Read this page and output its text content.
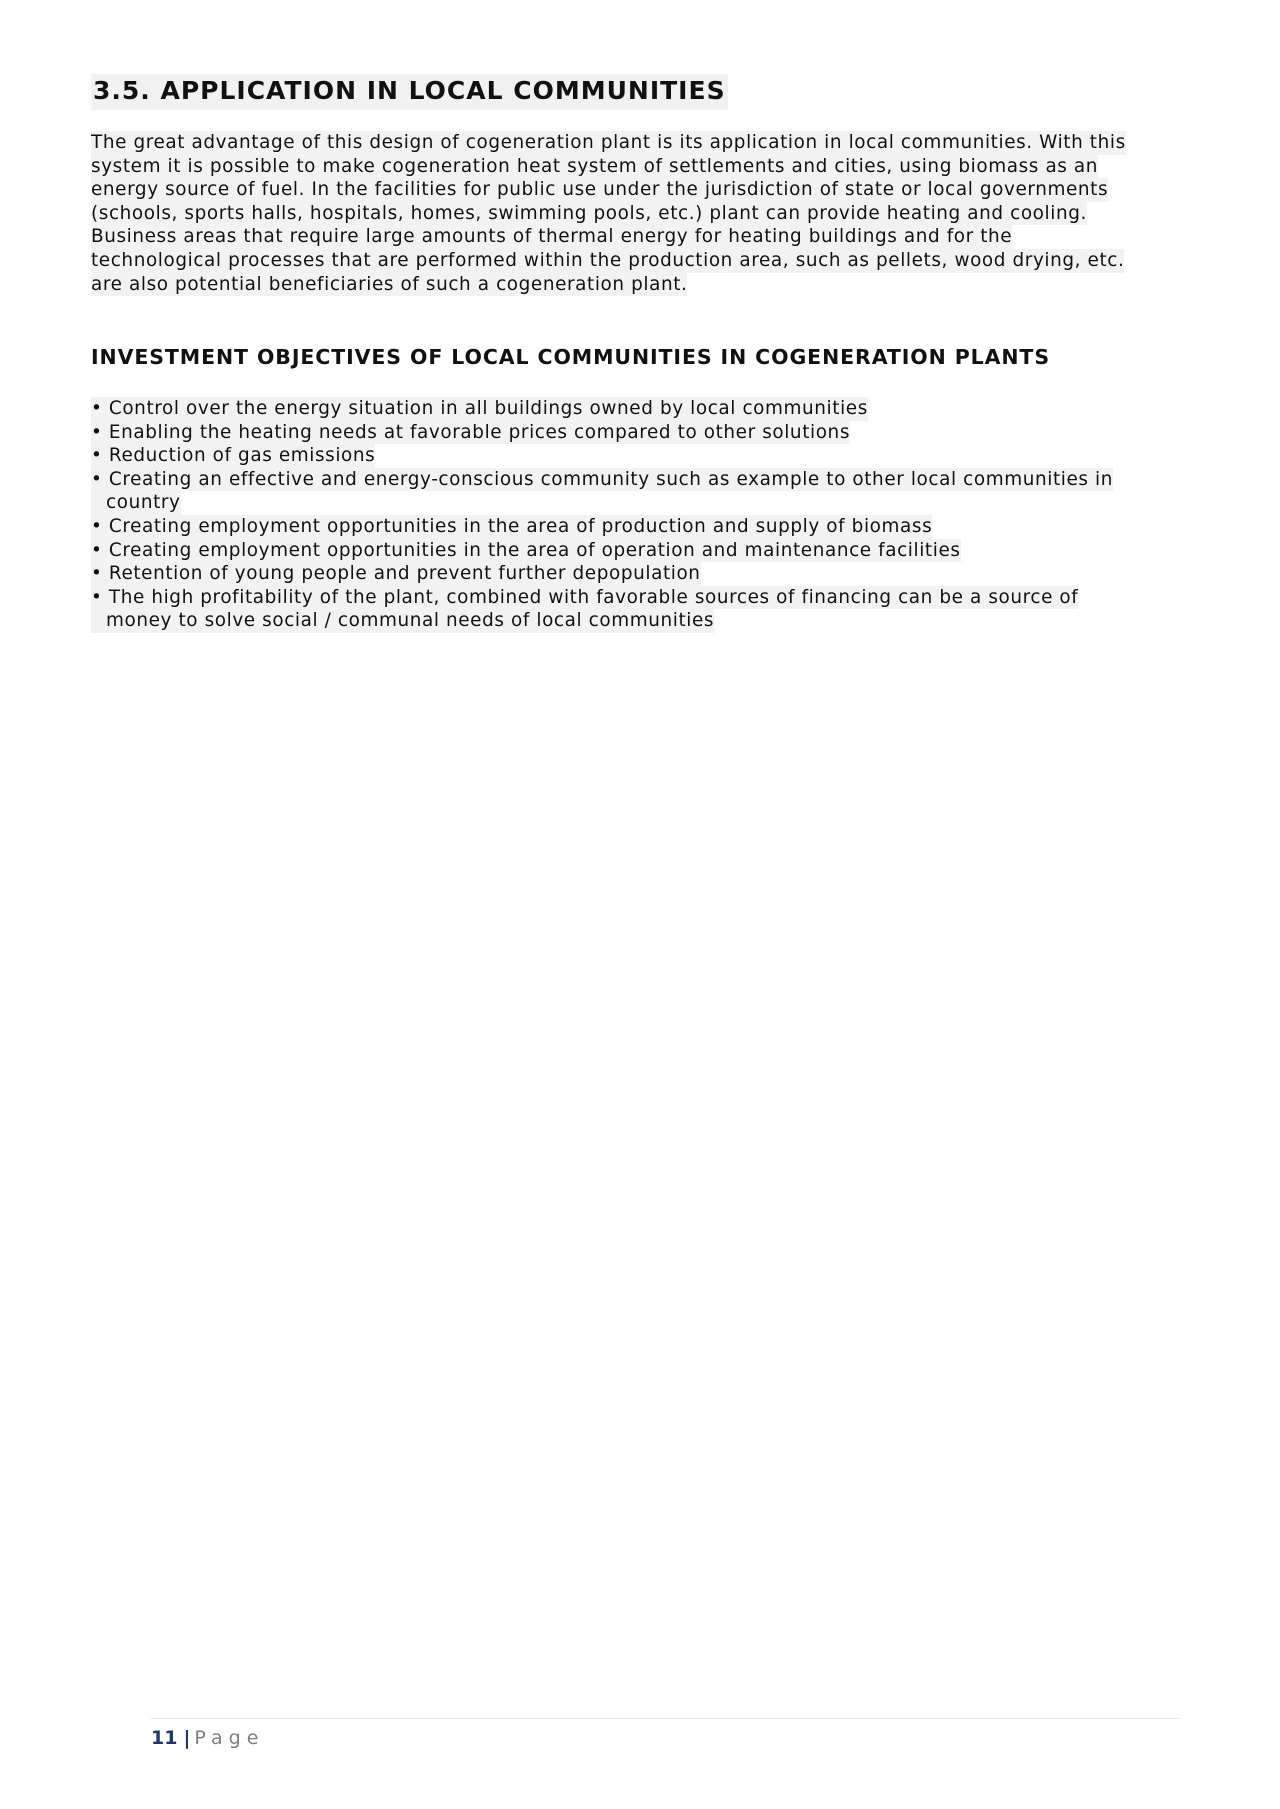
3.5. APPLICATION IN LOCAL COMMUNITIES
The great advantage of this design of cogeneration plant is its application in local communities. With this
system it is possible to make cogeneration heat system of settlements and cities, using biomass as an
energy source of fuel. In the facilities for public use under the jurisdiction of state or local governments
(schools, sports halls, hospitals, homes, swimming pools, etc.) plant can provide heating and cooling.
Business areas that require large amounts of thermal energy for heating buildings and for the
technological processes that are performed within the production area, such as pellets, wood drying, etc.
are also potential beneficiaries of such a cogeneration plant.
INVESTMENT OBJECTIVES OF LOCAL COMMUNITIES IN COGENERATION PLANTS
• Control over the energy situation in all buildings owned by local communities
• Enabling the heating needs at favorable prices compared to other solutions
• Reduction of gas emissions
• Creating an effective and energy-conscious community such as example to other local communities in
country
• Creating employment opportunities in the area of production and supply of biomass
• Creating employment opportunities in the area of operation and maintenance facilities
• Retention of young people and prevent further depopulation
• The high profitability of the plant, combined with favorable sources of financing can be a source of
money to solve social / communal needs of local communities
11 | Page
